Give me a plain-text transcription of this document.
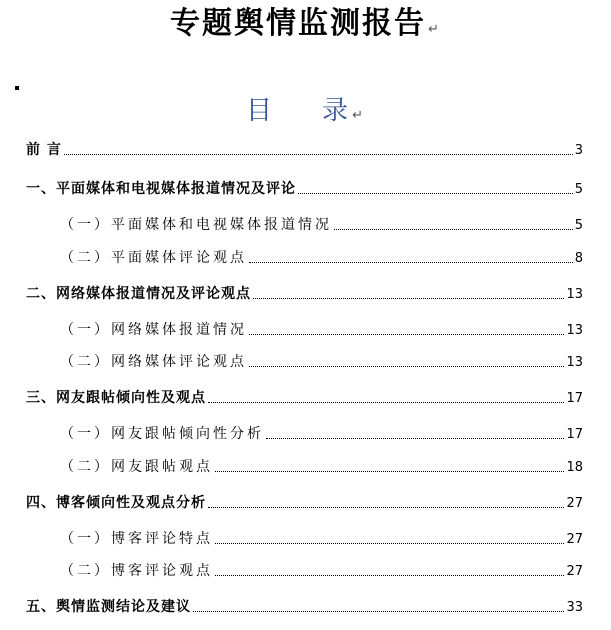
专题舆情监测报告 ↵
目 录 ↵
前 言	3
一、平面媒体和电视媒体报道情况及评论	5
（一）平面媒体和电视媒体报道情况	5
（二）平面媒体评论观点	8
二、网络媒体报道情况及评论观点	13
（一）网络媒体报道情况	13
（二）网络媒体评论观点	13
三、网友跟帖倾向性及观点	17
（一）网友跟帖倾向性分析	17
（二）网友跟帖观点	18
四、博客倾向性及观点分析	27
（一）博客评论特点	27
（二）博客评论观点	27
五、舆情监测结论及建议	33
